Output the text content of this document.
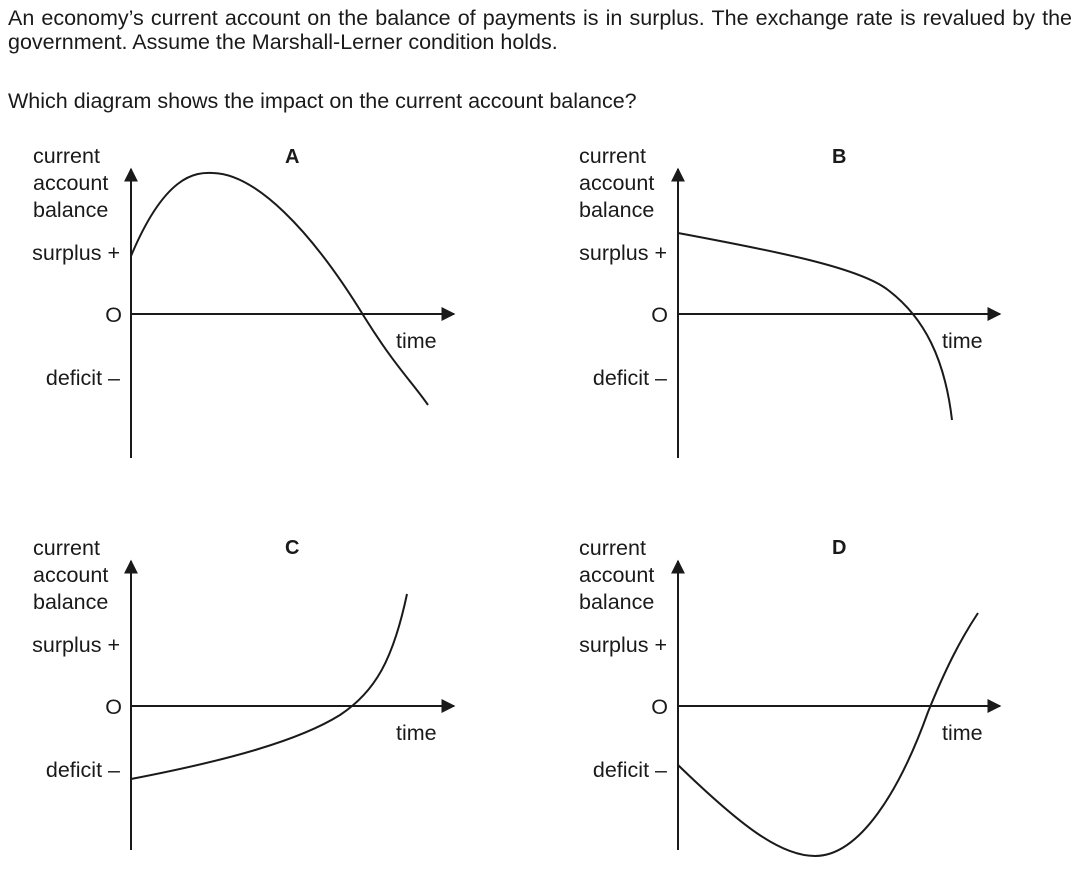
An economy’s current account on the balance of payments is in surplus. The exchange rate is revalued by the government. Assume the Marshall-Lerner condition holds.

Which diagram shows the impact on the current account balance?

A
current
account
balance
surplus +
O
deficit –
time
B
current
account
balance
surplus +
O
deficit –
time
C
current
account
balance
surplus +
O
deficit –
time
D
current
account
balance
surplus +
O
deficit –
time
